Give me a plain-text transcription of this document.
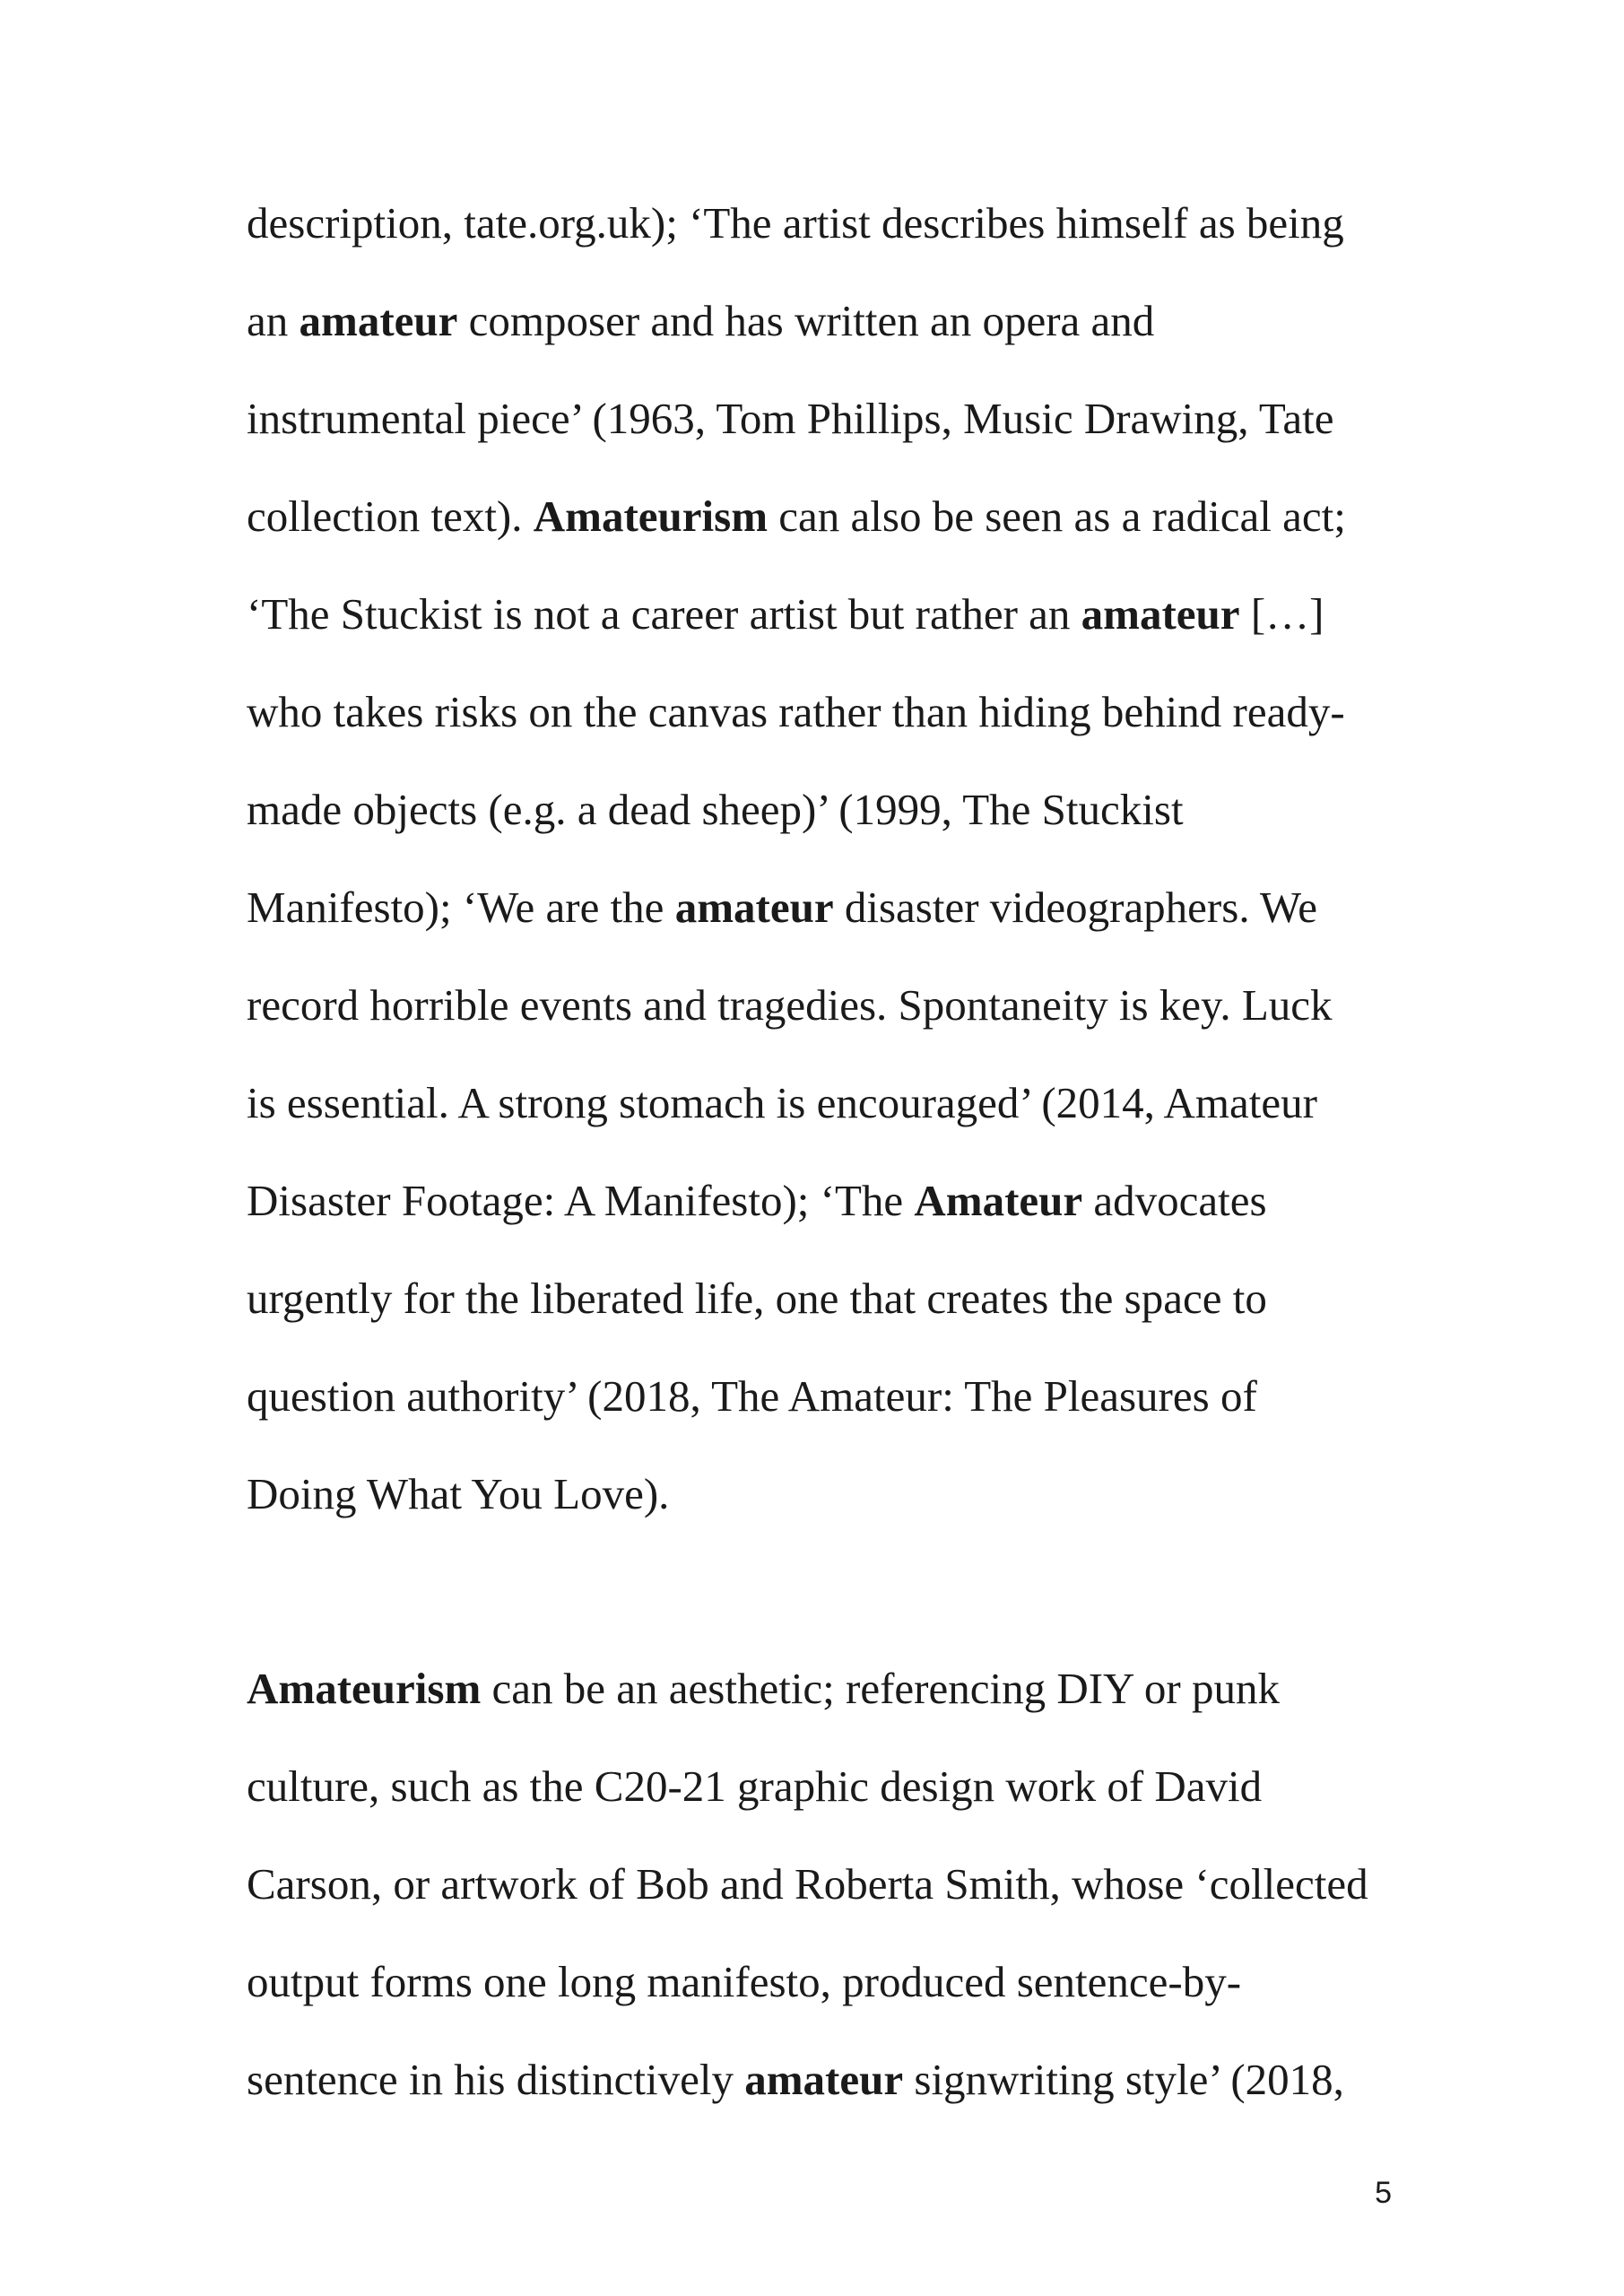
description, tate.org.uk); ‘The artist describes himself as being
an amateur composer and has written an opera and
instrumental piece’ (1963, Tom Phillips, Music Drawing, Tate
collection text). Amateurism can also be seen as a radical act;
‘The Stuckist is not a career artist but rather an amateur […]
who takes risks on the canvas rather than hiding behind ready-
made objects (e.g. a dead sheep)’ (1999, The Stuckist
Manifesto); ‘We are the amateur disaster videographers. We
record horrible events and tragedies. Spontaneity is key. Luck
is essential. A strong stomach is encouraged’ (2014, Amateur
Disaster Footage: A Manifesto); ‘The Amateur advocates
urgently for the liberated life, one that creates the space to
question authority’ (2018, The Amateur: The Pleasures of
Doing What You Love).

Amateurism can be an aesthetic; referencing DIY or punk
culture, such as the C20-21 graphic design work of David
Carson, or artwork of Bob and Roberta Smith, whose ‘collected
output forms one long manifesto, produced sentence-by-
sentence in his distinctively amateur signwriting style’ (2018,

5
